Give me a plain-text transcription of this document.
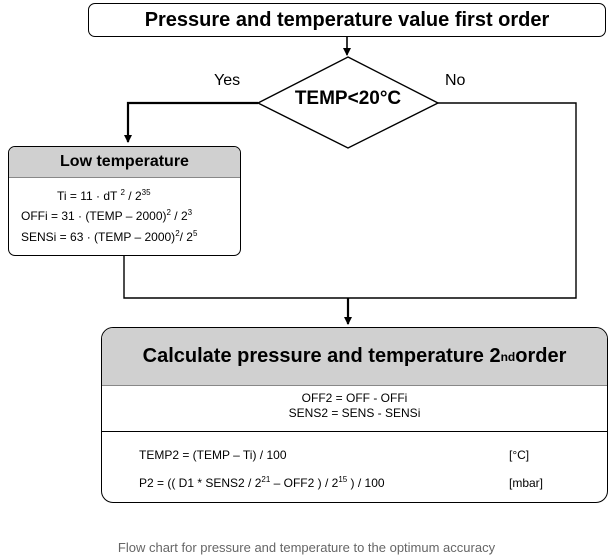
Pressure and temperature value first order
TEMP<20°C
Yes	No
Low temperature
Ti = 11 · dT $^2 / 2^{35}$
OFFi = 31 · (TEMP – $2000)^2 / 2^3$
SENSi = 63 · (TEMP – 2000)$^2$/ $2^5$
Calculate pressure and temperature 2 nd order
OFF2 = OFF - OFFi
SENS2 = SENS - SENSi
TEMP2 = (TEMP – Ti) / 100	[°C]
P2 = (( D1 * SENS2 / $2^{21} - OFF2$ ) / $2^{15}$ ) / 100	[mbar]
Flow chart for pressure and temperature to the optimum accuracy
